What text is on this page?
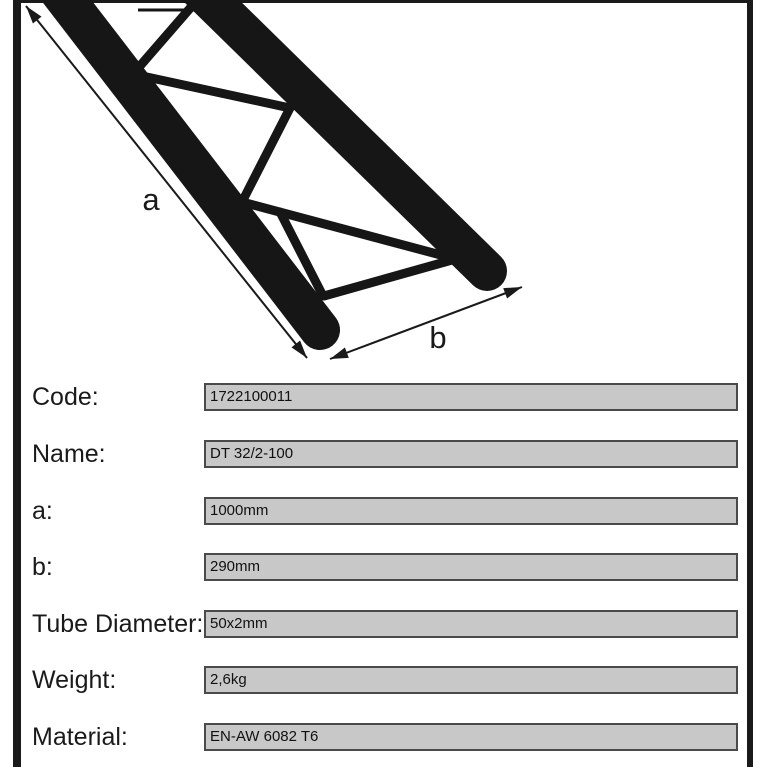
a
b
Code:	1722100011
Name:	DT 32/2-100
a:	1000mm
b:	290mm
Tube Diameter: 50x2mm
Weight:	2,6kg
Material:	EN-AW 6082 T6
